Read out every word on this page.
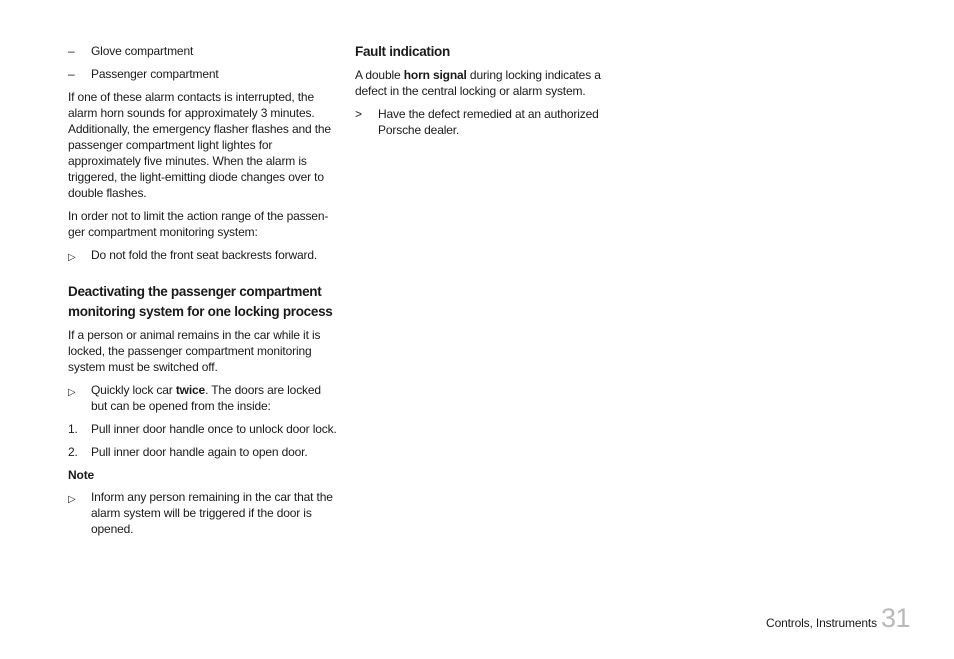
–	Glove compartment
–	Passenger compartment

If one of these alarm contacts is interrupted, the alarm horn sounds for approximately 3 minutes. Additionally, the emergency flasher flashes and the passenger compartment light lightes for approximately five minutes. When the alarm is triggered, the light-emitting diode changes over to double flashes.

In order not to limit the action range of the passen-ger compartment monitoring system:

▷	Do not fold the front seat backrests forward.
Deactivating the passenger compartment monitoring system for one locking process

If a person or animal remains in the car while it is locked, the passenger compartment monitoring system must be switched off.

▷	Quickly lock car twice. The doors are locked but can be opened from the inside:
1.	Pull inner door handle once to unlock door lock.
2.	Pull inner door handle again to open door.
Note
▷	Inform any person remaining in the car that the alarm system will be triggered if the door is opened.
Fault indication

A double horn signal during locking indicates a defect in the central locking or alarm system.

>	Have the defect remedied at an authorized Porsche dealer.
Controls, Instruments 31
